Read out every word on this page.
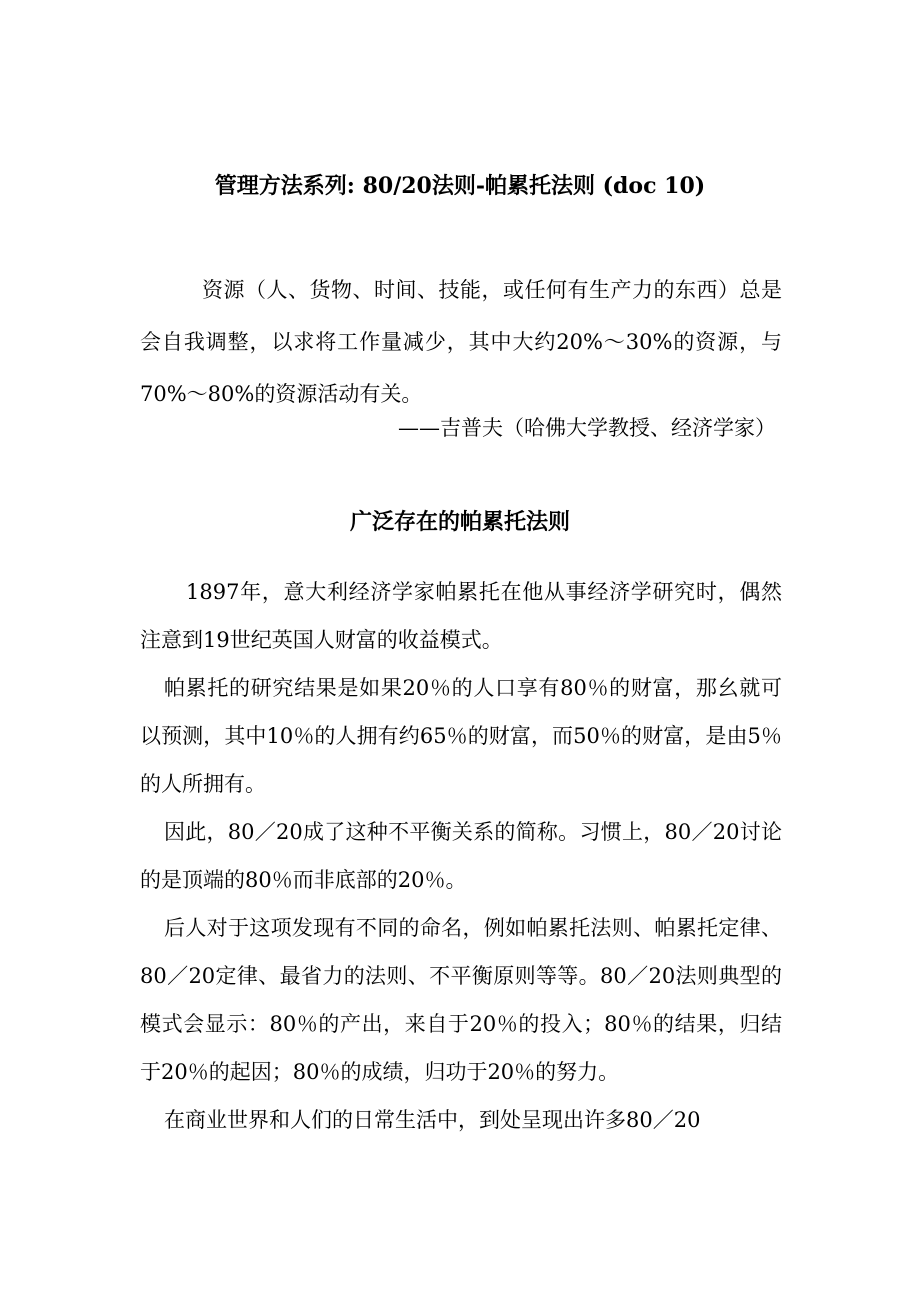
管理方法系列: 80/20法则-帕累托法则 (doc 10)
资源（人、货物、时间、技能，或任何有生产力的东西）总是会自我调整，以求将工作量减少，其中大约20%～30%的资源，与70%～80%的资源活动有关。
——吉普夫（哈佛大学教授、经济学家）
广泛存在的帕累托法则

1897年，意大利经济学家帕累托在他从事经济学研究时，偶然注意到19世纪英国人财富的收益模式。

帕累托的研究结果是如果20％的人口享有80％的财富，那幺就可以预测，其中10％的人拥有约65％的财富，而50％的财富，是由5％的人所拥有。

因此，80／20成了这种不平衡关系的简称。习惯上，80／20讨论的是顶端的80％而非底部的20％。

后人对于这项发现有不同的命名，例如帕累托法则、帕累托定律、80／20定律、最省力的法则、不平衡原则等等。80／20法则典型的模式会显示：80％的产出，来自于20％的投入；80％的结果，归结于20％的起因；80％的成绩，归功于20％的努力。

在商业世界和人们的日常生活中，到处呈现出许多80／20
